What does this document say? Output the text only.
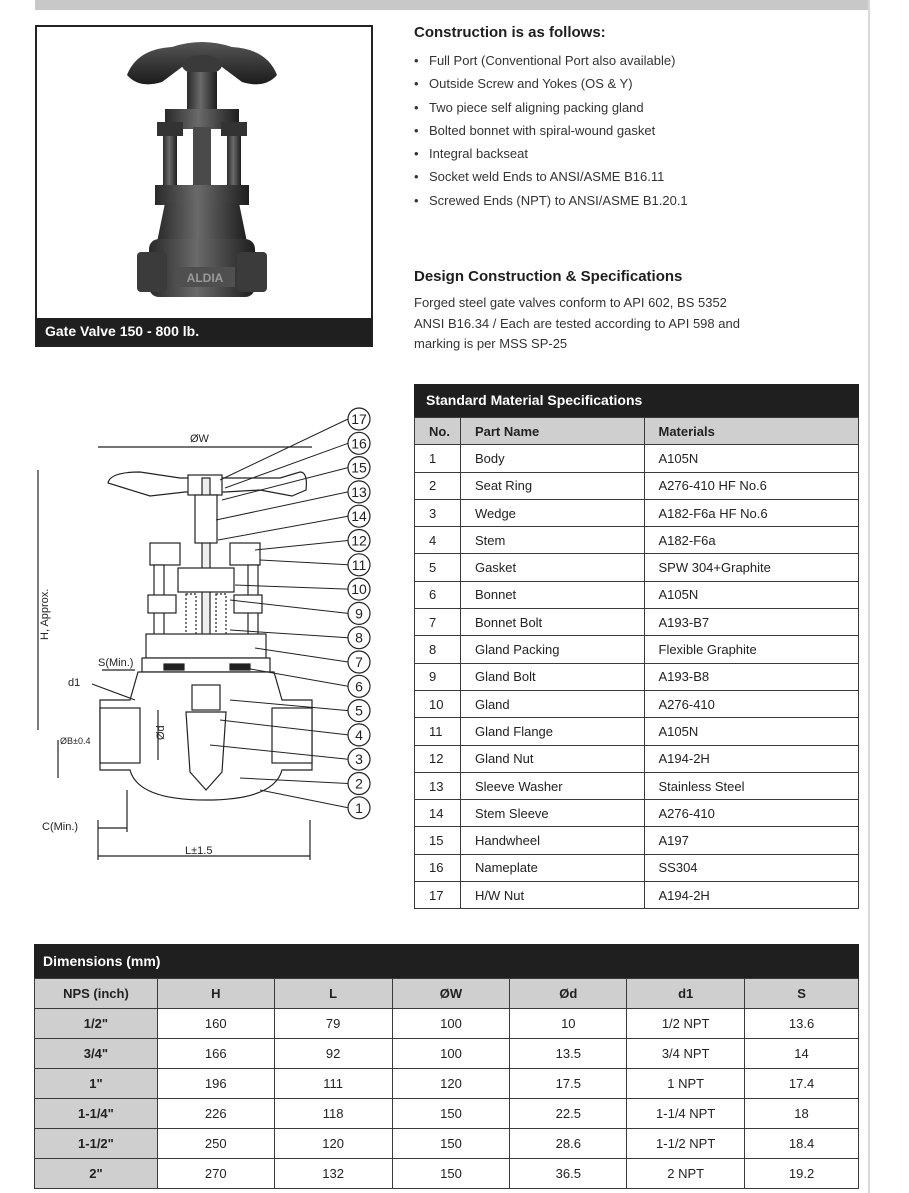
ALDIA
Gate Valve 150 - 800 lb.
Construction is as follows:
• Full Port (Conventional Port also available)
• Outside Screw and Yokes (OS & Y)
• Two piece self aligning packing gland
• Bolted bonnet with spiral-wound gasket
• Integral backseat
• Socket weld Ends to ANSI/ASME B16.11
• Screwed Ends (NPT) to ANSI/ASME B1.20.1
Design Construction & Specifications

Forged steel gate valves conform to API 602, BS 5352
ANSI B16.34 / Each are tested according to API 598 and
marking is per MSS SP-25

ØW
H, Approx.
S(Min.)
d1
ØB±0.4
Ød
C(Min.)
L±1.5
17
16
15
13
14
12
11
10
9
8
7
6
5
4
3
2
1
Standard Material Specifications
No.	Part Name	Materials
1	Body	A105N
2	Seat Ring	A276-410 HF No.6
3	Wedge	A182-F6a HF No.6
4	Stem	A182-F6a
5	Gasket	SPW 304+Graphite
6	Bonnet	A105N
7	Bonnet Bolt	A193-B7
8	Gland Packing	Flexible Graphite
9	Gland Bolt	A193-B8
10	Gland	A276-410
11	Gland Flange	A105N
12	Gland Nut	A194-2H
13	Sleeve Washer	Stainless Steel
14	Stem Sleeve	A276-410
15	Handwheel	A197
16	Nameplate	SS304
17	H/W Nut	A194-2H
Dimensions (mm)
NPS (inch)	H	L	ØW	Ød	d1	S
1/2"	160	79	100	10	1/2 NPT	13.6
3/4"	166	92	100	13.5	3/4 NPT	14
1"	196	111	120	17.5	1 NPT	17.4
1-1/4"	226	118	150	22.5	1-1/4 NPT	18
1-1/2"	250	120	150	28.6	1-1/2 NPT	18.4
2"	270	132	150	36.5	2 NPT	19.2
